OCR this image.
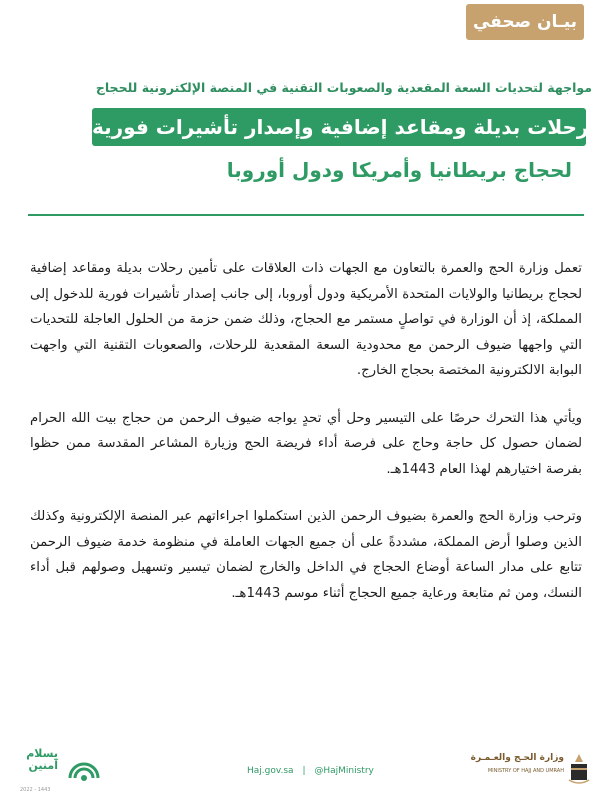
بيـان صحفي
مواجهة لتحديات السعة المقعدية والصعوبات التقنية في المنصة الإلكترونية للحجاج
رحلات بديلة ومقاعد إضافية وإصدار تأشيرات فورية
لحجاج بريطانيا وأمريكا ودول أوروبا

تعمل وزارة الحج والعمرة بالتعاون مع الجهات ذات العلاقات على تأمين رحلات بديلة ومقاعد إضافية لحجاج بريطانيا والولايات المتحدة الأمريكية ودول أوروبا، إلى جانب إصدار تأشيرات فورية للدخول إلى المملكة، إذ أن الوزارة في تواصلٍ مستمر مع الحجاج، وذلك ضمن حزمة من الحلول العاجلة للتحديات التي واجهها ضيوف الرحمن مع محدودية السعة المقعدية للرحلات، والصعوبات التقنية التي واجهت البوابة الالكترونية المختصة بحجاج الخارج.

ويأتي هذا التحرك حرصًا على التيسير وحل أي تحدٍ يواجه ضيوف الرحمن من حجاج بيت الله الحرام لضمان حصول كل حاجة وحاج على فرصة أداء فريضة الحج وزيارة المشاعر المقدسة ممن حظوا بفرصة اختيارهم لهذا العام 1443هـ.

وترحب وزارة الحج والعمرة بضيوف الرحمن الذين استكملوا اجراءاتهم عبر المنصة الإلكترونية وكذلك الذين وصلوا أرض المملكة، مشددةً على أن جميع الجهات العاملة في منظومة خدمة ضيوف الرحمن تتابع على مدار الساعة أوضاع الحجاج في الداخل والخارج لضمان تيسير وتسهيل وصولهم قبل أداء النسك، ومن ثم متابعة ورعاية جميع الحجاج أثناء موسم 1443هـ.

بسلام
آمنين
2022 - 1443
Haj.gov.sa | @HajMinistry
وزارة الحـج والعـمـرة
MINISTRY OF HAJJ AND UMRAH
